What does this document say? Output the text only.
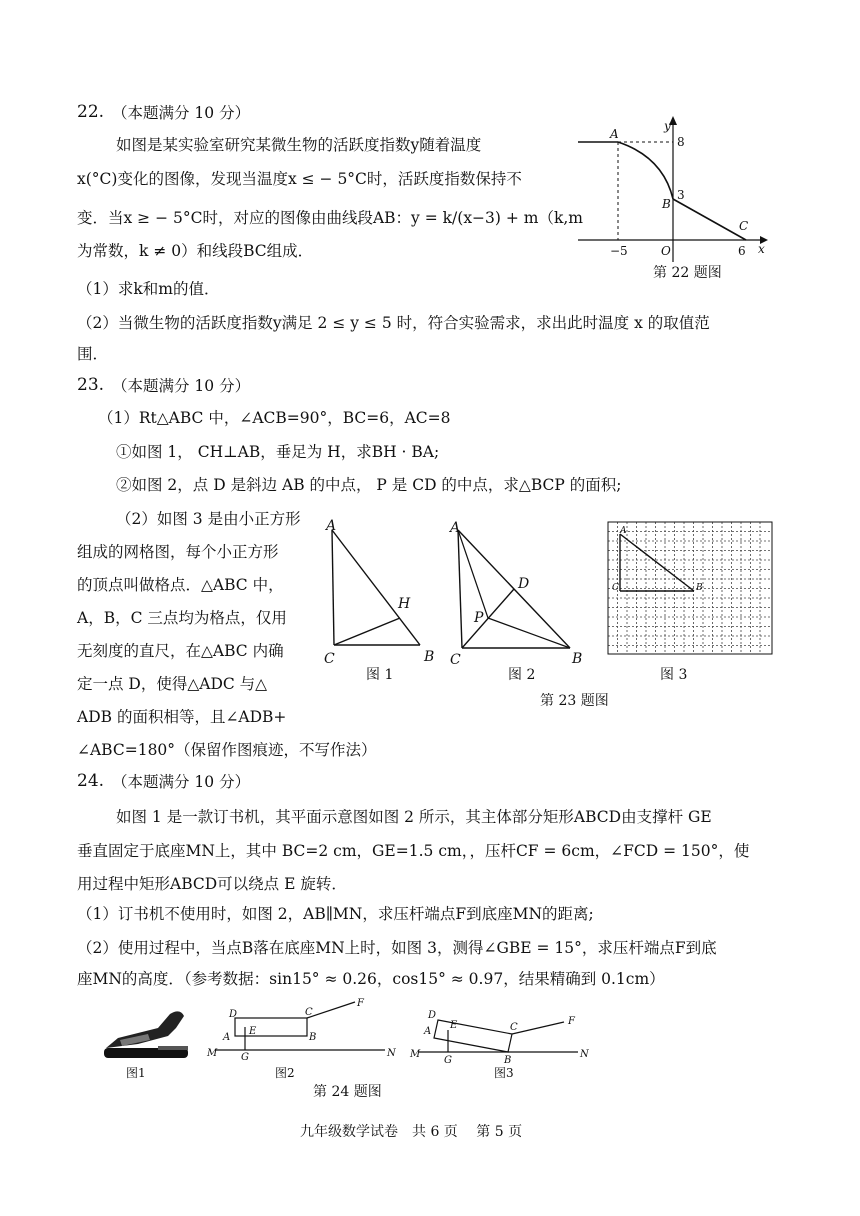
22. （本题满分 10 分）
如图是某实验室研究某微生物的活跃度指数y随着温度
x(°C)变化的图像，发现当温度x ≤ − 5°C时，活跃度指数保持不
变．当x ≥ − 5°C时，对应的图像由曲线段AB：y = k/(x−3) + m（k,m
为常数，k ≠ 0）和线段BC组成．
（1）求k和m的值．
（2）当微生物的活跃度指数y满足 2 ≤ y ≤ 5 时，符合实验需求，求出此时温度 x 的取值范
围．
A
y
8
3
B
C
−5	O	6 x
第 22 题图
23. （本题满分 10 分）
（1）Rt△ABC 中，∠ACB=90°，BC=6，AC=8
①如图 1， CH⊥AB，垂足为 H，求BH · BA;
②如图 2，点 D 是斜边 AB 的中点， P 是 CD 的中点，求△BCP 的面积;
（2）如图 3 是由小正方形
组成的网格图，每个小正方形
的顶点叫做格点．△ABC 中，
A，B，C 三点均为格点，仅用
无刻度的直尺，在△ABC 内确
定一点 D，使得△ADC 与△
ADB 的面积相等，且∠ADB+
∠ABC=180°（保留作图痕迹，不写作法）
A
H
C	B
图 1
A
D
P
C	B
图 2
A
C	B
图 3
第 23 题图
24. （本题满分 10 分）
如图 1 是一款订书机，其平面示意图如图 2 所示，其主体部分矩形ABCD由支撑杆 GE
垂直固定于底座MN上，其中 BC=2 cm，GE=1.5 cm，，压杆CF = 6cm，∠FCD = 150°，使
用过程中矩形ABCD可以绕点 E 旋转．
（1）订书机不使用时，如图 2，AB∥MN，求压杆端点F到底座MN的距离;
（2）使用过程中，当点B落在底座MN上时，如图 3，测得∠GBE = 15°，求压杆端点F到底
座MN的高度．（参考数据：sin15° ≈ 0.26，cos15° ≈ 0.97，结果精确到 0.1cm）
图1
D	C
F
A
E
B
G
M	N
图2
D
A
E	C
F
G	B
M	N
图3
第 24 题图
九年级数学试卷　共 6 页　 第 5 页
